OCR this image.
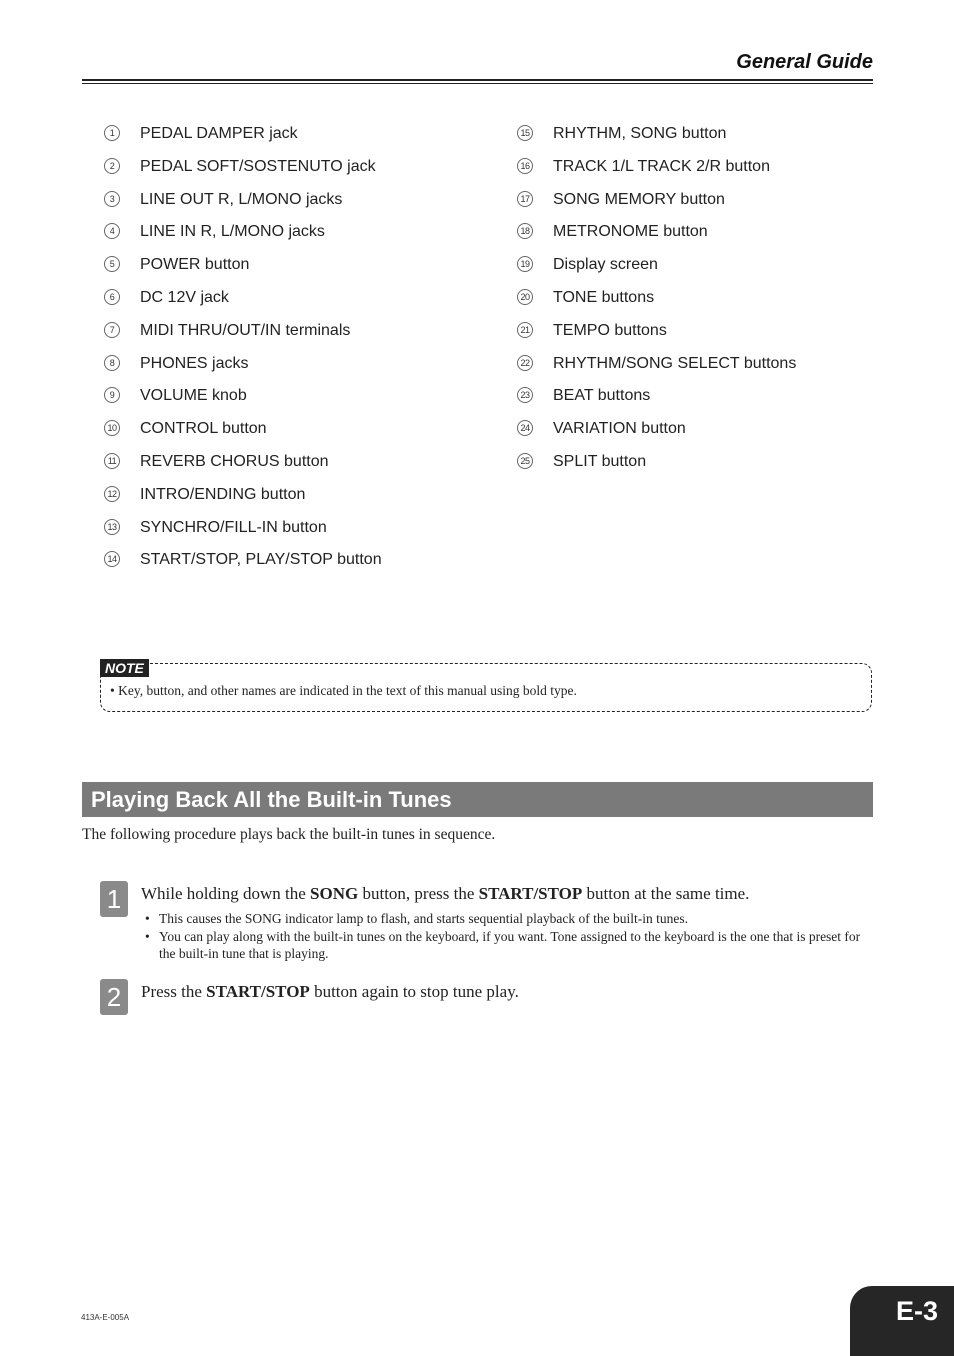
General Guide
1 PEDAL DAMPER jack
2 PEDAL SOFT/SOSTENUTO jack
3 LINE OUT R, L/MONO jacks
4 LINE IN R, L/MONO jacks
5 POWER button
6 DC 12V jack
7 MIDI THRU/OUT/IN terminals
8 PHONES jacks
9 VOLUME knob
10 CONTROL button
11 REVERB CHORUS button
12 INTRO/ENDING button
13 SYNCHRO/FILL-IN button
14 START/STOP, PLAY/STOP button
15 RHYTHM, SONG button
16 TRACK 1/L TRACK 2/R button
17 SONG MEMORY button
18 METRONOME button
19 Display screen
20 TONE buttons
21 TEMPO buttons
22 RHYTHM/SONG SELECT buttons
23 BEAT buttons
24 VARIATION button
25 SPLIT button
NOTE
• Key, button, and other names are indicated in the text of this manual using bold type.
Playing Back All the Built-in Tunes
The following procedure plays back the built-in tunes in sequence.
1	While holding down the SONG button, press the START/STOP button at the same time.
• This causes the SONG indicator lamp to flash, and starts sequential playback of the built-in tunes.
• You can play along with the built-in tunes on the keyboard, if you want. Tone assigned to the keyboard is the one that is preset for the built-in tune that is playing.
2	Press the START/STOP button again to stop tune play.
413A-E-005A	E-3
